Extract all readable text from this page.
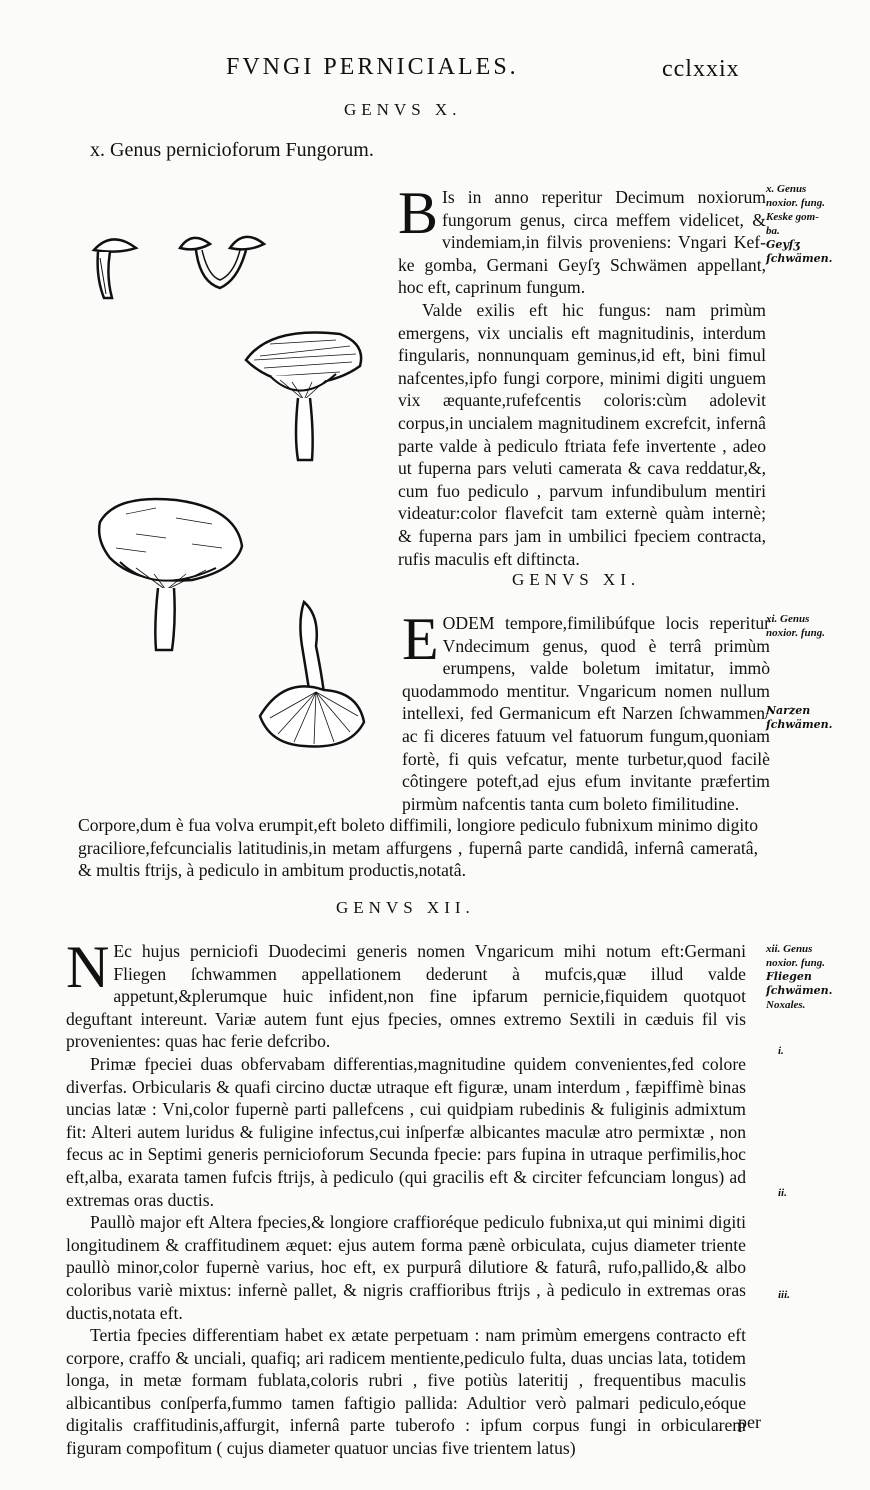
FVNGI PERNICIALES.	cclxxix
GENVS X.
x. Genus pernicioforum Fungorum.
B Is in anno reperitur Decimum noxiorum fungorum genus, circa meffem videlicet, & vindemiam,in filvis proveniens: Vngari Kef-ke gomba, Germani Geyſʒ Schwämen appellant, hoc eft, caprinum fungum.

Valde exilis eft hic fungus: nam primùm emergens, vix uncialis eft magnitudinis, interdum fingularis, nonnunquam geminus,id eft, bini fimul nafcentes,ipfo fungi corpore, minimi digiti unguem vix æquante,rufefcentis coloris:cùm adolevit corpus,in uncialem magnitudinem excrefcit, infernâ parte valde à pediculo ftriata fefe invertente , adeo ut fuperna pars veluti camerata & cava reddatur,&, cum fuo pediculo , parvum infundibulum mentiri videatur:color flavefcit tam externè quàm internè; & fuperna pars jam in umbilici fpeciem contracta, rufis maculis eft diftincta.

x. Genus
noxior. fung.
Keske gom-
ba.
Geyſʒ
ſchwämen.
GENVS XI.
E ODEM tempore,fimilibúfque locis reperitur Vndecimum genus, quod è terrâ primùm erumpens, valde boletum imitatur, immò quodammodo mentitur. Vngaricum nomen nullum intellexi, fed Germanicum eft Narzen ſchwammen/ ac fi diceres fatuum vel fatuorum fungum,quoniam fortè, fi quis vefcatur, mente turbetur,quod facilè côtingere poteft,ad ejus efum invitante præfertim pirmùm nafcentis tanta cum boleto fimilitudine.

Corpore,dum è fua volva erumpit,eft boleto diffimili, longiore pediculo fubnixum minimo digito graciliore,fefcuncialis latitudinis,in metam affurgens , fupernâ parte candidâ, infernâ cameratâ, & multis ftrijs, à pediculo in ambitum productis,notatâ.

xi. Genus
noxior. fung.
Narzen
ſchwämen.
GENVS XII.
N Ec hujus perniciofi Duodecimi generis nomen Vngaricum mihi notum eft:Germani Fliegen ſchwammen appellationem dederunt à mufcis,quæ illud valde appetunt,&plerumque huic infident,non fine ipfarum pernicie,fiquidem quotquot deguftant intereunt. Variæ autem funt ejus fpecies, omnes extremo Sextili in cæduis fil vis provenientes: quas hac ferie defcribo.

Primæ fpeciei duas obfervabam differentias,magnitudine quidem convenientes,fed colore diverfas. Orbicularis & quafi circino ductæ utraque eft figuræ, unam interdum , fæpiffimè binas uncias latæ : Vni,color fupernè parti pallefcens , cui quidpiam rubedinis & fuliginis admixtum fit: Alteri autem luridus & fuligine infectus,cui inſperfæ albicantes maculæ atro permixtæ , non fecus ac in Septimi generis pernicioforum Secunda fpecie: pars fupina in utraque perfimilis,hoc eft,alba, exarata tamen fufcis ftrijs, à pediculo (qui gracilis eft & circiter fefcunciam longus) ad extremas oras ductis.

Paullò major eft Altera fpecies,& longiore craffioréque pediculo fubnixa,ut qui minimi digiti longitudinem & craffitudinem æquet: ejus autem forma pænè orbiculata, cujus diameter triente paullò minor,color fupernè varius, hoc eft, ex purpurâ dilutiore & faturâ, rufo,pallido,& albo coloribus variè mixtus: infernè pallet, & nigris craffioribus ftrijs , à pediculo in extremas oras ductis,notata eft.

Tertia fpecies differentiam habet ex ætate perpetuam : nam primùm emergens contracto eft corpore, craffo & unciali, quafiq; ari radicem mentiente,pediculo fulta, duas uncias lata, totidem longa, in metæ formam fublata,coloris rubri , five potiùs lateritij , frequentibus maculis albicantibus conſperfa,fummo tamen faftigio pallida: Adultior verò palmari pediculo,eóque digitalis craffitudinis,affurgit, infernâ parte tuberofo : ipfum corpus fungi in orbicularem figuram compofitum ( cujus diameter quatuor uncias five trientem latus)

xii. Genus
noxior. fung.
Fliegen
ſchwämen.
Noxales.
i.
ii.
iii.
per
